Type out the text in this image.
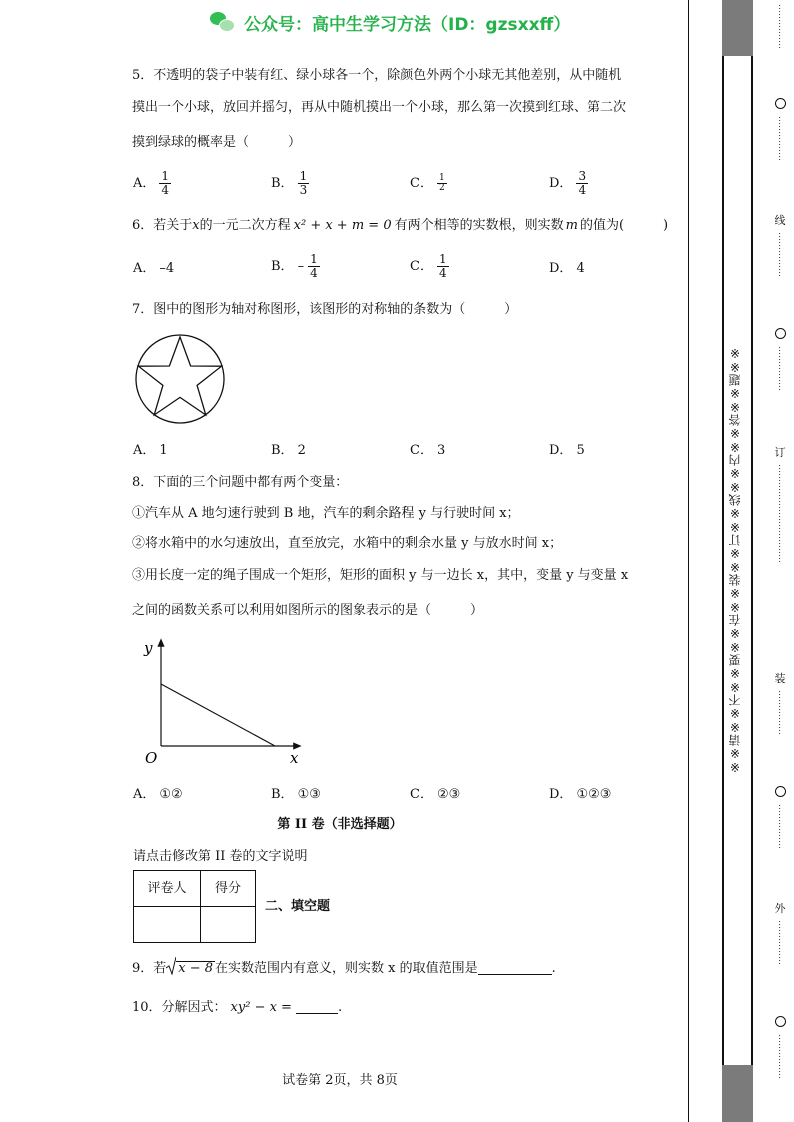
公众号：高中生学习方法（ID：gzsxxff）
5．不透明的袋子中装有红、绿小球各一个，除颜色外两个小球无其他差别，从中随机
摸出一个小球，放回并摇匀，再从中随机摸出一个小球，那么第一次摸到红球、第二次
摸到绿球的概率是（　　　）
A． $\frac{1}{4}$	B． $\frac{1}{3}$	C． $\frac{1}{2}$	D． $\frac{3}{4}$
6．若关于x的一元二次方程 x² + x + m = 0 有两个相等的实数根，则实数 m 的值为(　　　)
A． –4	B． – $\frac{1}{4}$	C． $\frac{1}{4}$	D． 4
7．图中的图形为轴对称图形，该图形的对称轴的条数为（　　　）
A． 1	B． 2	C． 3	D． 5
8．下面的三个问题中都有两个变量：
①汽车从 A 地匀速行驶到 B 地，汽车的剩余路程 y 与行驶时间 x；
②将水箱中的水匀速放出，直至放完，水箱中的剩余水量 y 与放水时间 x；
③用长度一定的绳子围成一个矩形，矩形的面积 y 与一边长 x，其中，变量 y 与变量 x
之间的函数关系可以利用如图所示的图象表示的是（　　　）
y
x
O
A． ①②	B． ①③	C． ②③	D． ①②③
第 II 卷（非选择题）
请点击修改第 II 卷的文字说明
评卷人	得分

二、填空题
9．若 x − 8 在实数范围内有意义，则实数 x 的取值范围是	.
10．分解因式： xy² − x =	.
试卷第 2页，共 8页
※※请※※不※※要※※在※※装※※订※※线※※内※※答※※题※※
……………
……………
线
……………
……………
订
……………………………
装
……………
……………
外
……………
……………
